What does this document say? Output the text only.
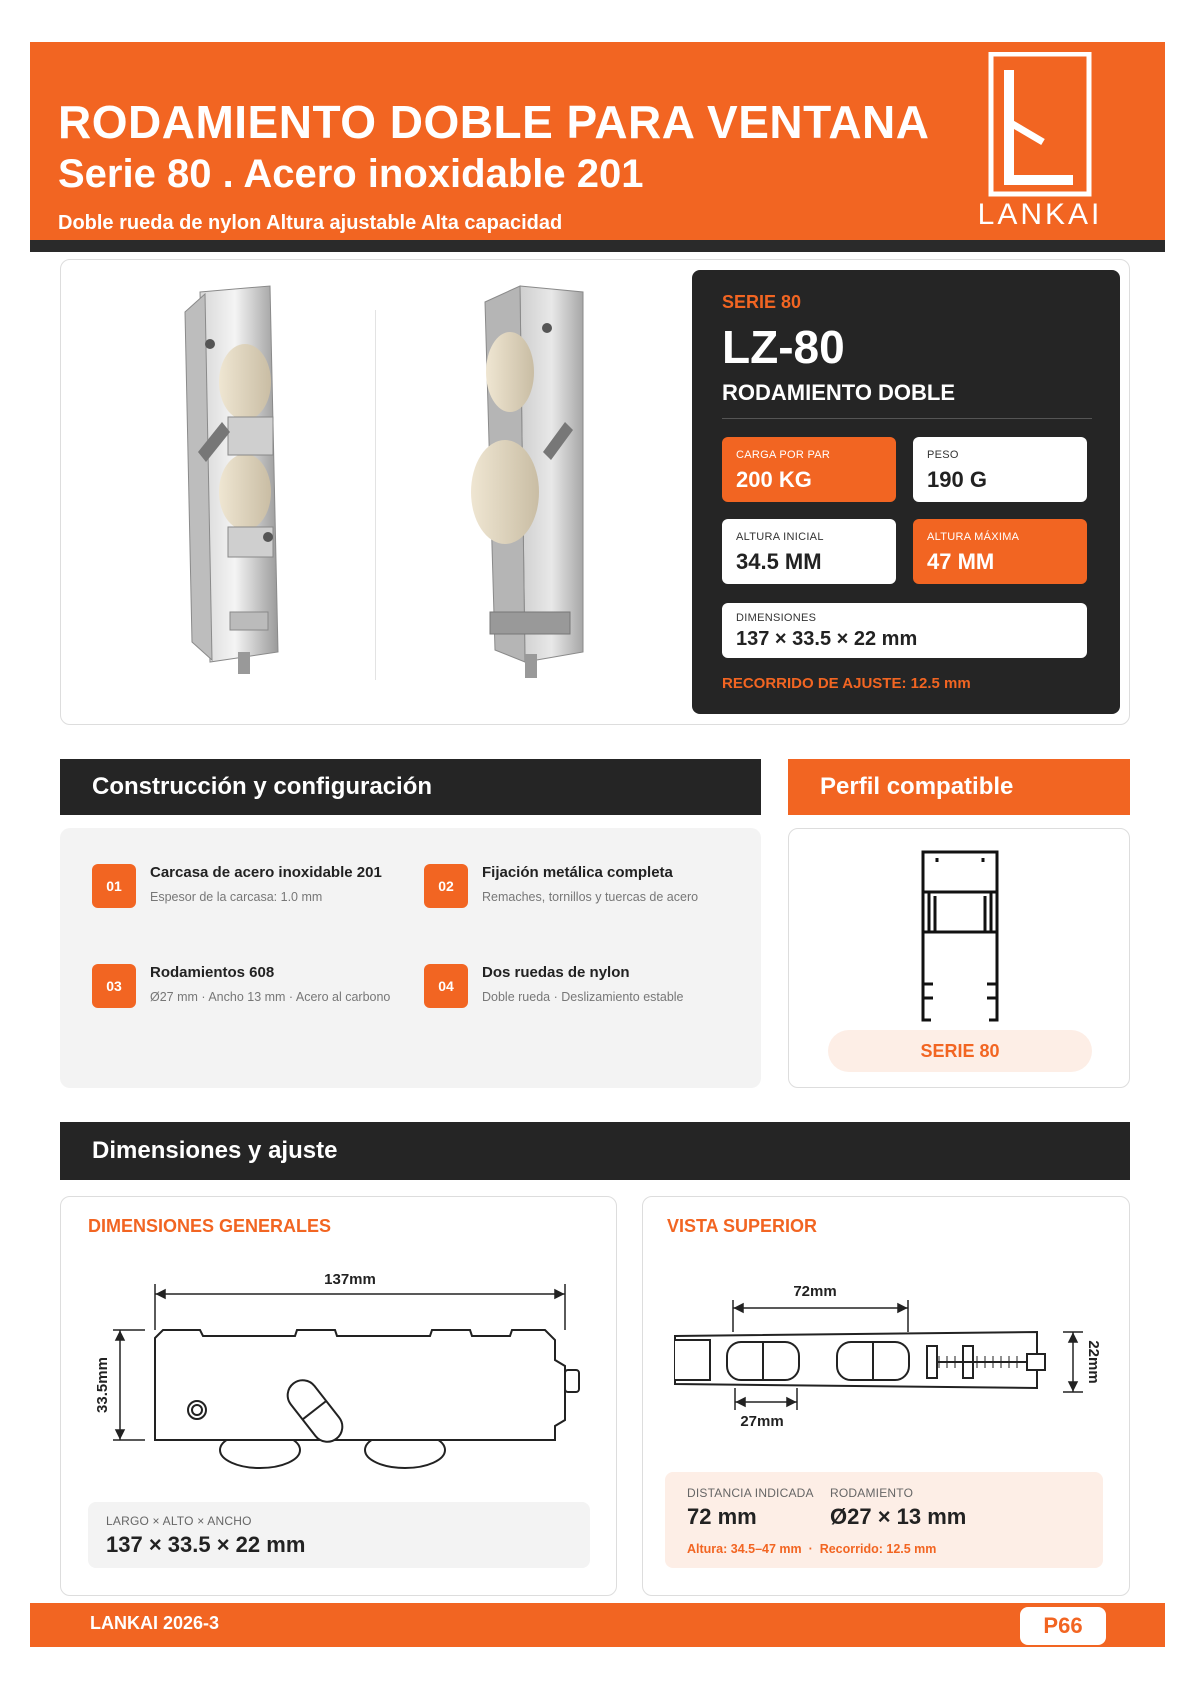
RODAMIENTO DOBLE PARA VENTANA
Serie 80 . Acero inoxidable 201
Doble rueda de nylon Altura ajustable Alta capacidad	LANKAI
SERIE 80
LZ-80
RODAMIENTO DOBLE
CARGA POR PAR
200 KG
PESO
190 G
ALTURA INICIAL
34.5 MM
ALTURA MÁXIMA
47 MM
DIMENSIONES
137 × 33.5 × 22 mm
RECORRIDO DE AJUSTE: 12.5 mm
Construcción y configuración	Perfil compatible
01
Carcasa de acero inoxidable 201
Espesor de la carcasa: 1.0 mm
02
Fijación metálica completa
Remaches, tornillos y tuercas de acero
03
Rodamientos 608
Ø27 mm · Ancho 13 mm · Acero al carbono
04
Dos ruedas de nylon
Doble rueda · Deslizamiento estable
SERIE 80
Dimensiones y ajuste
DIMENSIONES GENERALES
137mm
33.5mm
LARGO × ALTO × ANCHO
137 × 33.5 × 22 mm
VISTA SUPERIOR
72mm
27mm
22mm
DISTANCIA INDICADA
72 mm
RODAMIENTO
Ø27 × 13 mm
Altura: 34.5–47 mm  ·  Recorrido: 12.5 mm
LANKAI 2026-3	P66
